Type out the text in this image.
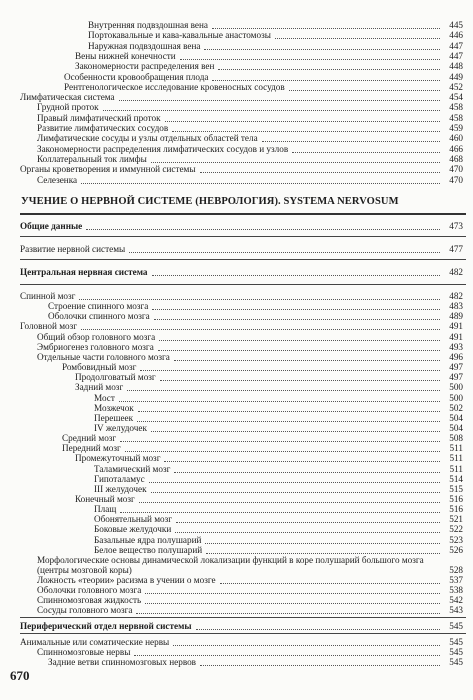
Внутренняя подвздошная вена	445
Портокавальные и кава-кавальные анастомозы	446
Наружная подвздошная вена	447
Вены нижней конечности	447
Закономерности распределения вен	448
Особенности кровообращения плода	449
Рентгенологическое исследование кровеносных сосудов	452
Лимфатическая система	454
Грудной проток	458
Правый лимфатический проток	458
Развитие лимфатических сосудов	459
Лимфатические сосуды и узлы отдельных областей тела	460
Закономерности распределения лимфатических сосудов и узлов	466
Коллатеральный ток лимфы	468
Органы кроветворения и иммунной системы	470
Селезенка	470
УЧЕНИЕ О НЕРВНОЙ СИСТЕМЕ (НЕВРОЛОГИЯ). SYSTEMA NERVOSUM
Общие данные	473
Развитие нервной системы	477
Центральная нервная система	482
Спинной мозг	482
Строение спинного мозга	483
Оболочки спинного мозга	489
Головной мозг	491
Общий обзор головного мозга	491
Эмбриогенез головного мозга	493
Отдельные части головного мозга	496
Ромбовидный мозг	497
Продолговатый мозг	497
Задний мозг	500
Мост	500
Мозжечок	502
Перешеек	504
IV желудочек	504
Средний мозг	508
Передний мозг	511
Промежуточный мозг	511
Таламический мозг	511
Гипоталамус	514
III желудочек	515
Конечный мозг	516
Плащ	516
Обонятельный мозг	521
Боковые желудочки	522
Базальные ядра полушарий	523
Белое вещество полушарий	526
Морфологические основы динамической локализации функций в коре полушарий большого мозга (центры мозговой коры)	528
Ложность «теории» расизма в учении о мозге	537
Оболочки головного мозга	538
Спинномозговая жидкость	542
Сосуды головного мозга	543
Периферический отдел нервной системы	545
Анимальные или соматические нервы	545
Спинномозговые нервы	545
Задние ветви спинномозговых нервов	545
670
